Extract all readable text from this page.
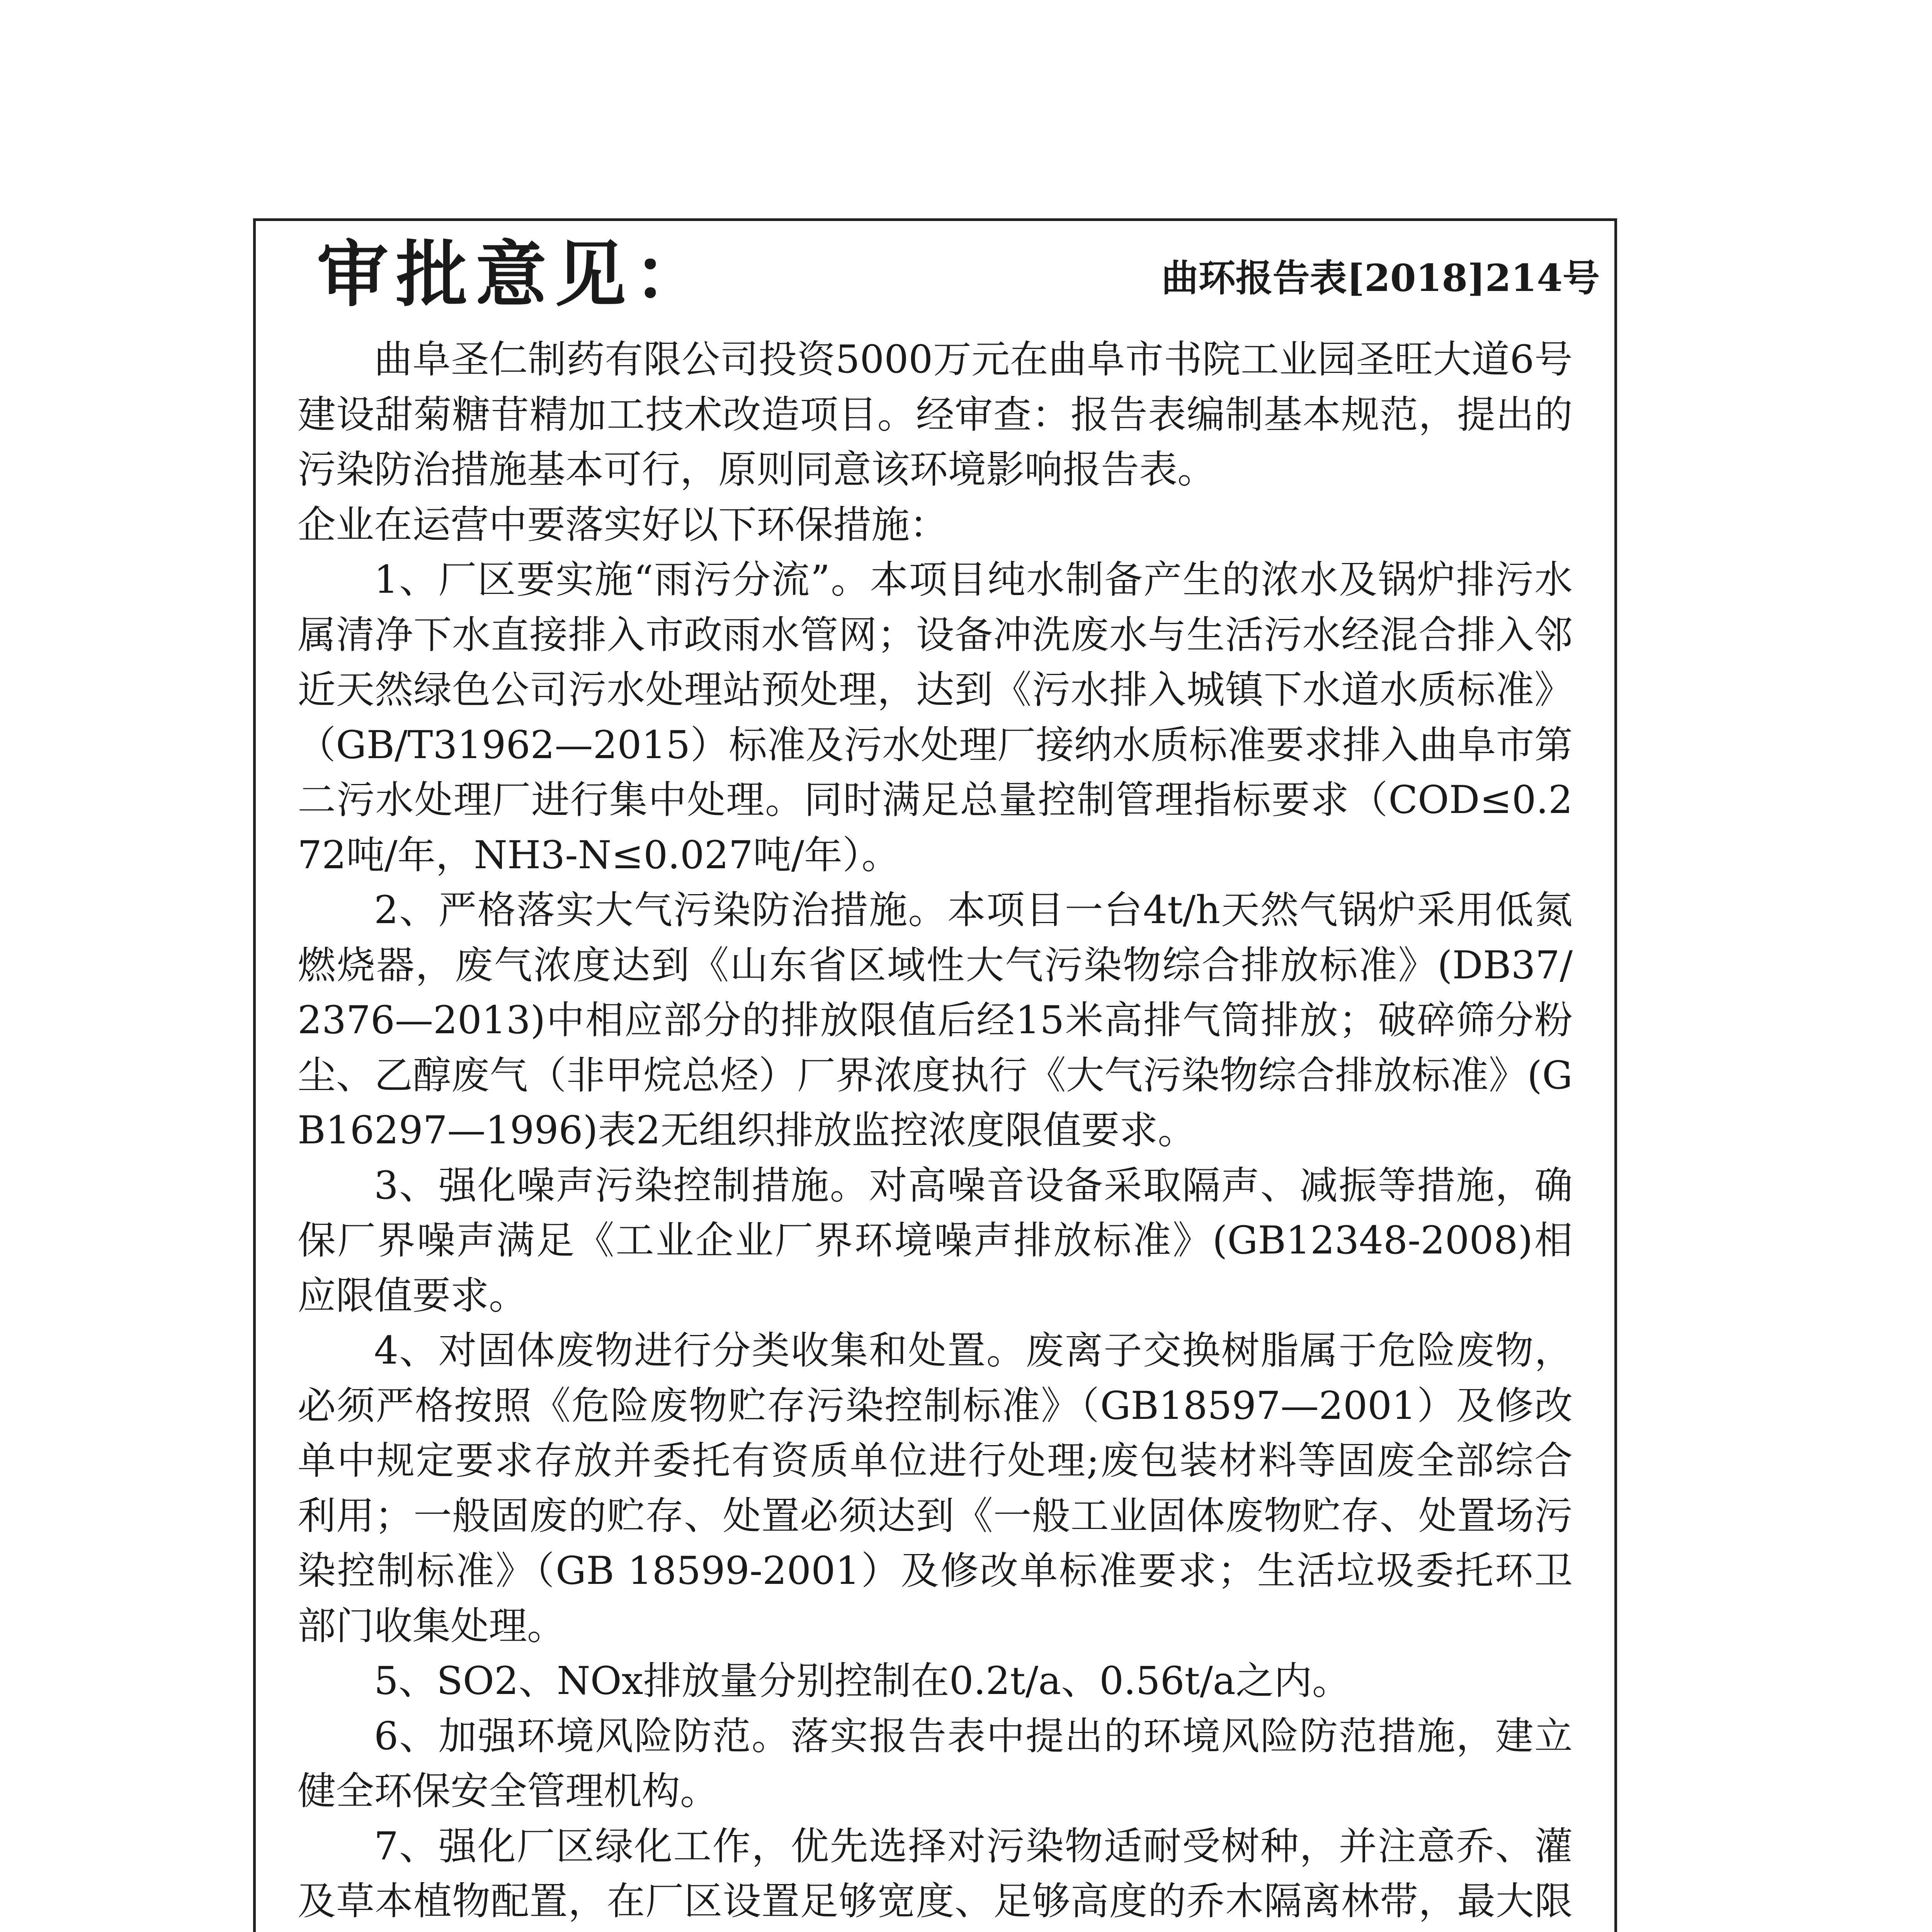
审批意见：	曲环报告表[2018]214号

曲阜圣仁制药有限公司投资5000万元在曲阜市书院工业园圣旺大道6号建设甜菊糖苷精加工技术改造项目。经审查：报告表编制基本规范，提出的污染防治措施基本可行，原则同意该环境影响报告表。

企业在运营中要落实好以下环保措施：

1、厂区要实施“雨污分流”。本项目纯水制备产生的浓水及锅炉排污水属清净下水直接排入市政雨水管网；设备冲洗废水与生活污水经混合排入邻近天然绿色公司污水处理站预处理，达到《污水排入城镇下水道水质标准》（GB/T31962—2015）标准及污水处理厂接纳水质标准要求排入曲阜市第二污水处理厂进行集中处理。同时满足总量控制管理指标要求（COD≤0.272吨/年，NH3-N≤0.027吨/年）。

2、严格落实大气污染防治措施。本项目一台4t/h天然气锅炉采用低氮燃烧器，废气浓度达到《山东省区域性大气污染物综合排放标准》(DB37/ 2376—2013)中相应部分的排放限值后经15米高排气筒排放；破碎筛分粉尘、乙醇废气（非甲烷总烃）厂界浓度执行《大气污染物综合排放标准》(GB16297—1996)表2无组织排放监控浓度限值要求。

3、强化噪声污染控制措施。对高噪音设备采取隔声、减振等措施，确保厂界噪声满足《工业企业厂界环境噪声排放标准》(GB12348-2008)相应限值要求。

4、对固体废物进行分类收集和处置。废离子交换树脂属于危险废物，必须严格按照《危险废物贮存污染控制标准》（GB18597—2001）及修改单中规定要求存放并委托有资质单位进行处理;废包装材料等固废全部综合利用；一般固废的贮存、处置必须达到《一般工业固体废物贮存、处置场污染控制标准》（GB 18599-2001）及修改单标准要求；生活垃圾委托环卫部门收集处理。

5、SO2、NOx排放量分别控制在0.2t/a、0.56t/a之内。

6、加强环境风险防范。落实报告表中提出的环境风险防范措施，建立健全环保安全管理机构。

7、强化厂区绿化工作，优先选择对污染物适耐受树种，并注意乔、灌及草本植物配置，在厂区设置足够宽度、足够高度的乔木隔离林带，最大限
